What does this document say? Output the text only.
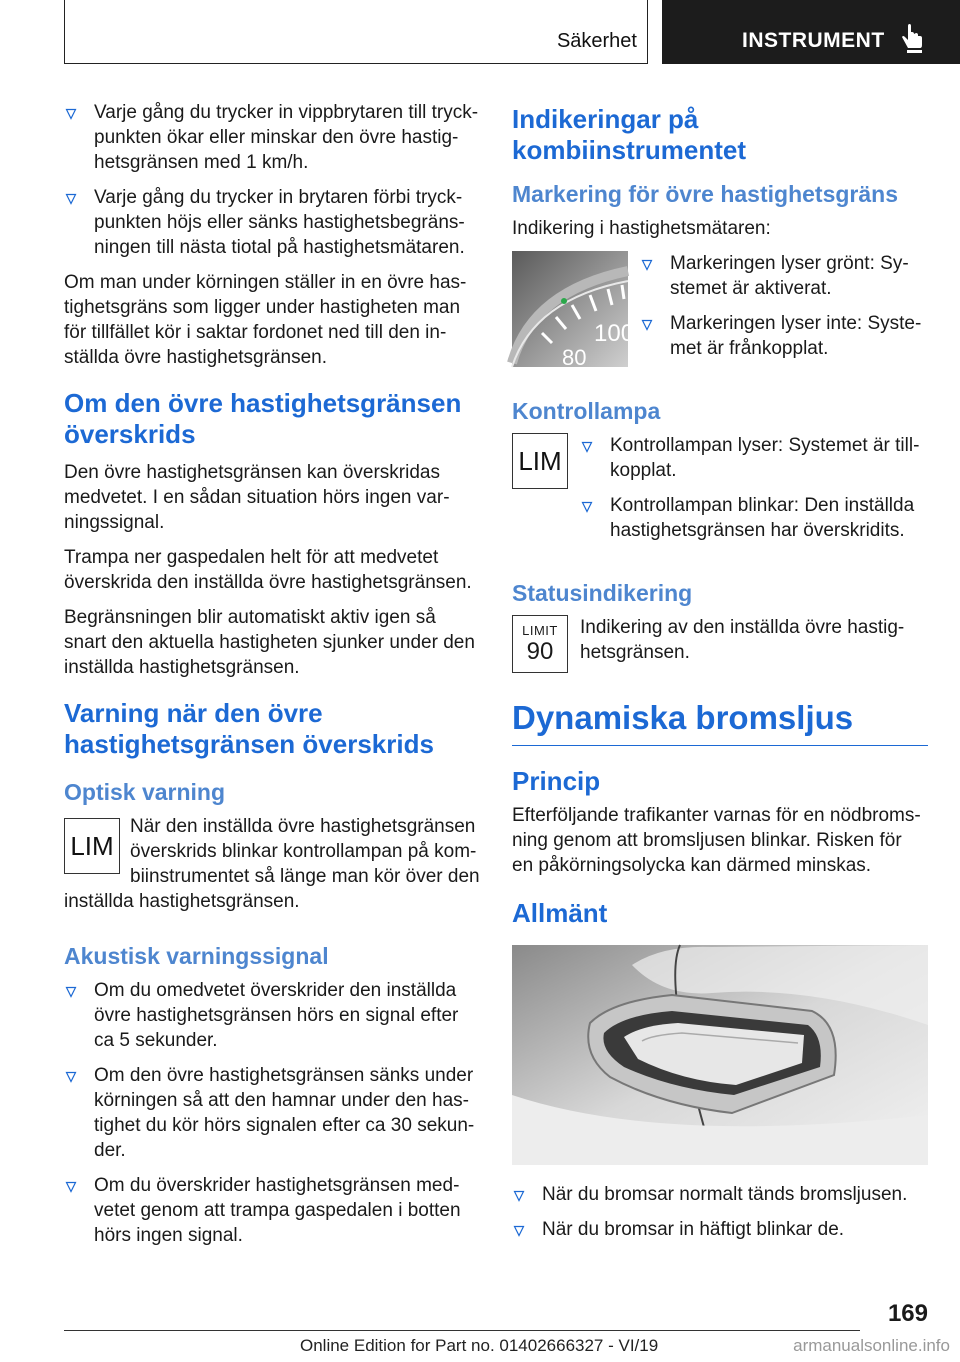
Säkerhet	INSTRUMENT
Varje gång du trycker in vippbrytaren till tryckpunkten ökar eller minskar den övre hastighetsgränsen med 1 km/h.
Varje gång du trycker in brytaren förbi tryckpunkten höjs eller sänks hastighetsbegränsningen till nästa tiotal på hastighetsmätaren.

Om man under körningen ställer in en övre hastighetsgräns som ligger under hastigheten man för tillfället kör i saktar fordonet ned till den inställda övre hastighetsgränsen.

Om den övre hastighetsgränsen överskrids

Den övre hastighetsgränsen kan överskridas medvetet. I en sådan situation hörs ingen varningssignal.

Trampa ner gaspedalen helt för att medvetet överskrida den inställda övre hastighetsgränsen.

Begränsningen blir automatiskt aktiv igen så snart den aktuella hastigheten sjunker under den inställda hastighetsgränsen.

Varning när den övre hastighetsgränsen överskrids
Optisk varning
LIM
När den inställda övre hastighetsgränsen överskrids blinkar kontrollampan på kombiinstrumentet så länge man kör över den inställda hastighetsgränsen.
Akustisk varningssignal
Om du omedvetet överskrider den inställda övre hastighetsgränsen hörs en signal efter ca 5 sekunder.
Om den övre hastighetsgränsen sänks under körningen så att den hamnar under den hastighet du kör hörs signalen efter ca 30 sekunder.
Om du överskrider hastighetsgränsen medvetet genom att trampa gaspedalen i botten hörs ingen signal.
Indikeringar på kombiinstrumentet
Markering för övre hastighetsgräns

Indikering i hastighetsmätaren:

100
80
Markeringen lyser grönt: Systemet är aktiverat.
Markeringen lyser inte: Systemet är frånkopplat.
Kontrollampa
LIM	Kontrollampan lyser: Systemet är tillkopplat.
Kontrollampan blinkar: Den inställda hastighetsgränsen har överskridits.
Statusindikering
LIMIT
90

Indikering av den inställda övre hastighetsgränsen.

Dynamiska bromsljus
Princip

Efterföljande trafikanter varnas för en nödbromsning genom att bromsljusen blinkar. Risken för en påkörningsolycka kan därmed minskas.

Allmänt
När du bromsar normalt tänds bromsljusen.
När du bromsar in häftigt blinkar de.
169
Online Edition for Part no. 01402666327 - VI/19	armanualsonline.info
